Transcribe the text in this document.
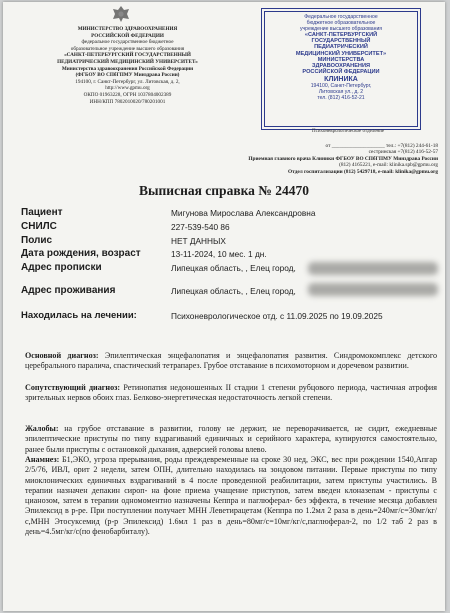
МИНИСТЕРСТВО ЗДРАВООХРАНЕНИЯ
РОССИЙСКОЙ ФЕДЕРАЦИИ
федеральное государственное бюджетное
образовательное учреждение высшего образования
«САНКТ-ПЕТЕРБУРГСКИЙ ГОСУДАРСТВЕННЫЙ
ПЕДИАТРИЧЕСКИЙ МЕДИЦИНСКИЙ УНИВЕРСИТЕТ»
Министерства здравоохранения Российской Федерации
(ФГБОУ ВО СПбГПМУ Минздрава России)
194100, г. Санкт-Петербург, ул. Литовская, д. 2,
http://www.gpmu.org
ОКПО 01963228, ОГРН 1037804002389
ИНН/КПП 7802010020/780201001
Федеральное государственное
бюджетное образовательное
учреждение высшего образования
«САНКТ-ПЕТЕРБУРГСКИЙ
ГОСУДАРСТВЕННЫЙ
ПЕДИАТРИЧЕСКИЙ
МЕДИЦИНСКИЙ УНИВЕРСИТЕТ»
МИНИСТЕРСТВА
ЗДРАВООХРАНЕНИЯ
РОССИЙСКОЙ ФЕДЕРАЦИИ
КЛИНИКА
194100, Санкт-Петербург,
Литовская ул., д. 2
тел. (812) 416-52-21
Психоневрологическое отделение
от ____________________ тел.: +7(812) 244-61-18
сестринская +7(812) 416-52-57
Приемная главного врача Клиники ФГБОУ ВО СПбГПМУ Минздрава России
(812) 4165221, e-mail: klinika.spb@gpmu.org
Отдел госпитализации (812) 5429718, e-mail: klinika@gpmu.org
Выписная справка № 24470
Пациент	Мигунова Мирослава Александровна
СНИЛС	227-539-540 86
Полис	НЕТ ДАННЫХ
Дата рождения, возраст	13-11-2024, 10 мес. 1 дн.
Адрес прописки	Липецкая область, , Елец город,
Адрес проживания	Липецкая область, , Елец город,
Находилась на лечении:	Психоневрологическое отд. с 11.09.2025 по 19.09.2025
Основной диагноз: Эпилептическая энцефалопатия и энцефалопатия развития. Синдромокомплекс детского церебрального паралича, спастический тетрапарез. Грубое отставание в психомоторном и доречевом развитии.
Сопутствующий диагноз: Ретинопатия недоношенных II стадии 1 степени рубцового периода, частичная атрофия зрительных нервов обоих глаз. Белково-энергетическая недостаточность легкой степени.
Жалобы: на грубое отставание в развитии, голову не держит, не переворачивается, не сидит, ежедневные эпилептические приступы по типу вздрагиваний единичных и серийного характера, купируются самостоятельно, ранее были приступы с остановкой дыхания, адверсией головы влево.
Анамнез: Б1,ЭКО, угроза прерывания, роды преждевременные на сроке 30 нед, ЭКС, вес при рождении 1540,Апгар 2/5/76, ИВЛ, орит 2 недели, затем ОПН, длительно находилась на зондовом питании. Первые приступы по типу миоклонических единичных вздрагиваний в 4 после проведенной реабилитации, затем приступы участились. В терапии назначен депакин сироп- на фоне приема учащение приступов, затем введен клоназепам - приступы с цианозом, затем в терапии одномоментно назначены Кеппра и паглюферал- без эффекта, в течение месяца добавлен Эпилексид в р-ре. При поступлении получает МНН Леветирацетам (Кеппра по 1.2мл 2 раза в день=240мг/с=30мг/кг/с,МНН Этосуксемид (р-р Эпилексид) 1.6мл 1 раз в день=80мг/с=10мг/кг/с,паглюферал-2, по 1/2 таб 2 раз в день=4.5мг/кг/с(по фенобарбиталу).
